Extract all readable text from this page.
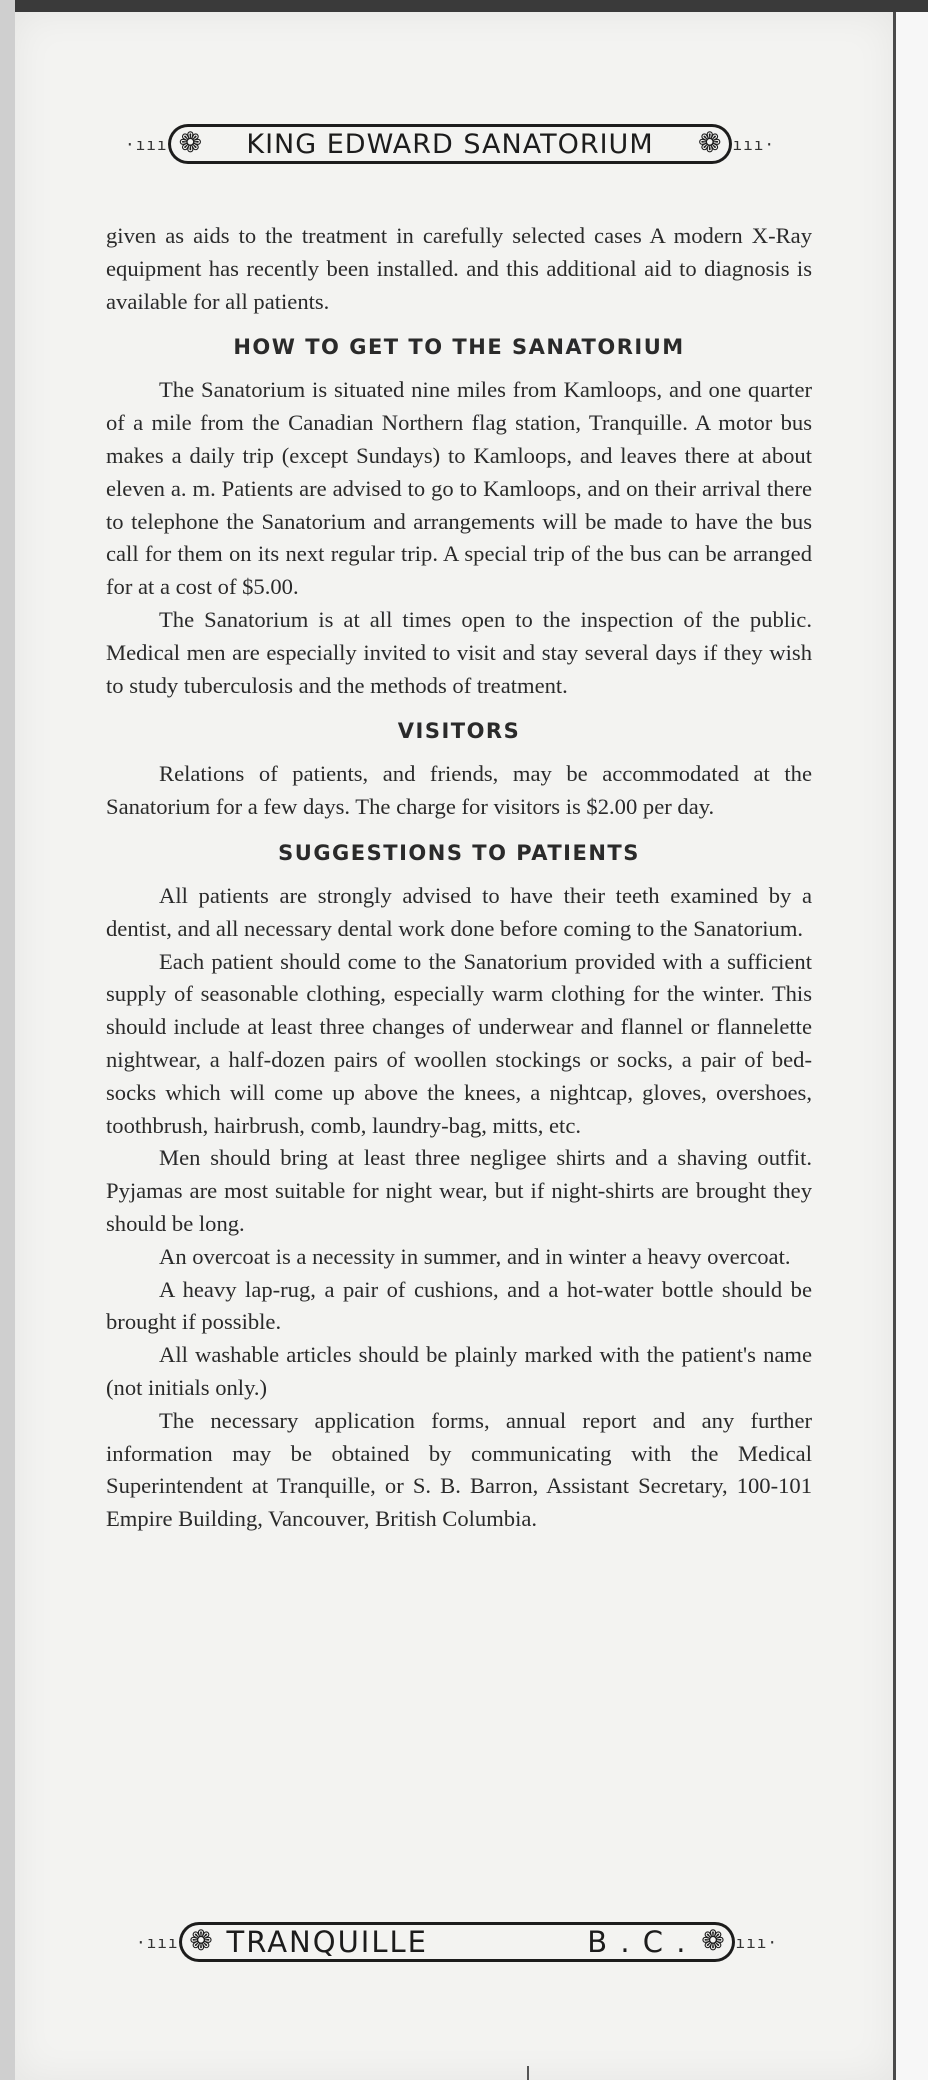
·ııı ❁	KING EDWARD SANATORIUM	❁ ııı·

given as aids to the treatment in carefully selected cases A modern X-Ray equipment has recently been installed. and this additional aid to diagnosis is available for all patients.

HOW TO GET TO THE SANATORIUM

The Sanatorium is situated nine miles from Kamloops, and one quarter of a mile from the Canadian Northern flag station, Tranquille. A motor bus makes a daily trip (except Sundays) to Kamloops, and leaves there at about eleven a. m. Patients are advised to go to Kamloops, and on their arrival there to telephone the Sanatorium and arrangements will be made to have the bus call for them on its next regular trip. A special trip of the bus can be arranged for at a cost of $5.00.

The Sanatorium is at all times open to the inspection of the public. Medical men are especially invited to visit and stay several days if they wish to study tuberculosis and the methods of treatment.

VISITORS

Relations of patients, and friends, may be accommodated at the Sanatorium for a few days. The charge for visitors is $2.00 per day.

SUGGESTIONS TO PATIENTS

All patients are strongly advised to have their teeth examined by a dentist, and all necessary dental work done before coming to the Sanatorium.

Each patient should come to the Sanatorium provided with a sufficient supply of seasonable clothing, especially warm clothing for the winter. This should include at least three changes of underwear and flannel or flannelette nightwear, a half-dozen pairs of woollen stockings or socks, a pair of bed-socks which will come up above the knees, a nightcap, gloves, overshoes, toothbrush, hairbrush, comb, laundry-bag, mitts, etc.

Men should bring at least three negligee shirts and a shaving outfit. Pyjamas are most suitable for night wear, but if night-shirts are brought they should be long.

An overcoat is a necessity in summer, and in winter a heavy overcoat.

A heavy lap-rug, a pair of cushions, and a hot-water bottle should be brought if possible.

All washable articles should be plainly marked with the patient's name (not initials only.)

The necessary application forms, annual report and any further information may be obtained by communicating with the Medical Superintendent at Tranquille, or S. B. Barron, Assistant Secretary, 100-101 Empire Building, Vancouver, British Columbia.

·ııı ❁ TRANQUILLE	B . C . ❁ ııı·
